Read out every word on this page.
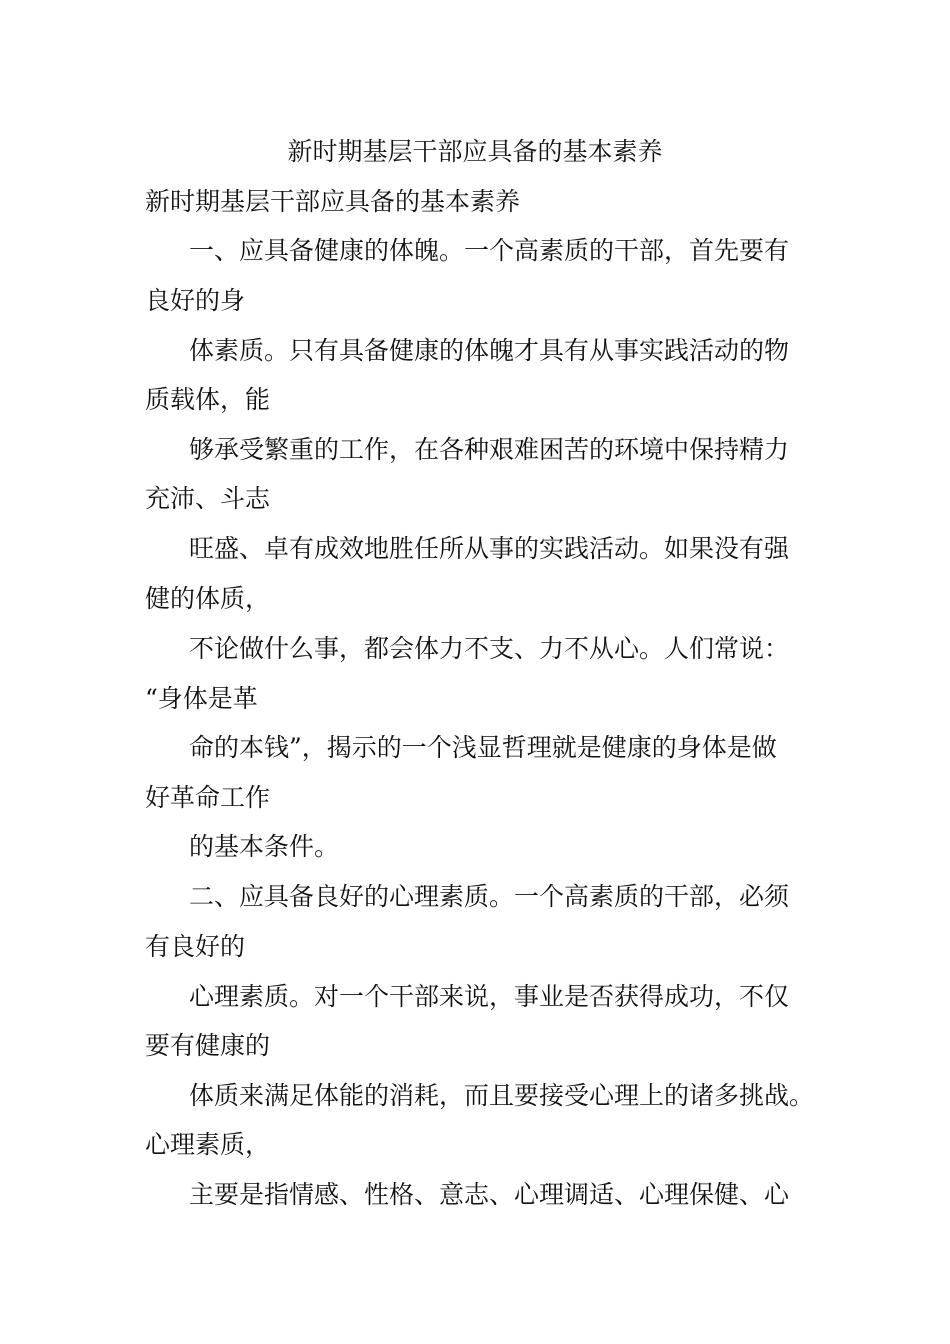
新时期基层干部应具备的基本素养
新时期基层干部应具备的基本素养
一、应具备健康的体魄。一个高素质的干部，首先要有
良好的身
体素质。只有具备健康的体魄才具有从事实践活动的物
质载体，能
够承受繁重的工作，在各种艰难困苦的环境中保持精力
充沛、斗志
旺盛、卓有成效地胜任所从事的实践活动。如果没有强
健的体质，
不论做什么事，都会体力不支、力不从心。人们常说：
“身体是革
命的本钱”，揭示的一个浅显哲理就是健康的身体是做
好革命工作
的基本条件。
二、应具备良好的心理素质。一个高素质的干部，必须
有良好的
心理素质。对一个干部来说，事业是否获得成功，不仅
要有健康的
体质来满足体能的消耗，而且要接受心理上的诸多挑战。
心理素质，
主要是指情感、性格、意志、心理调适、心理保健、心
